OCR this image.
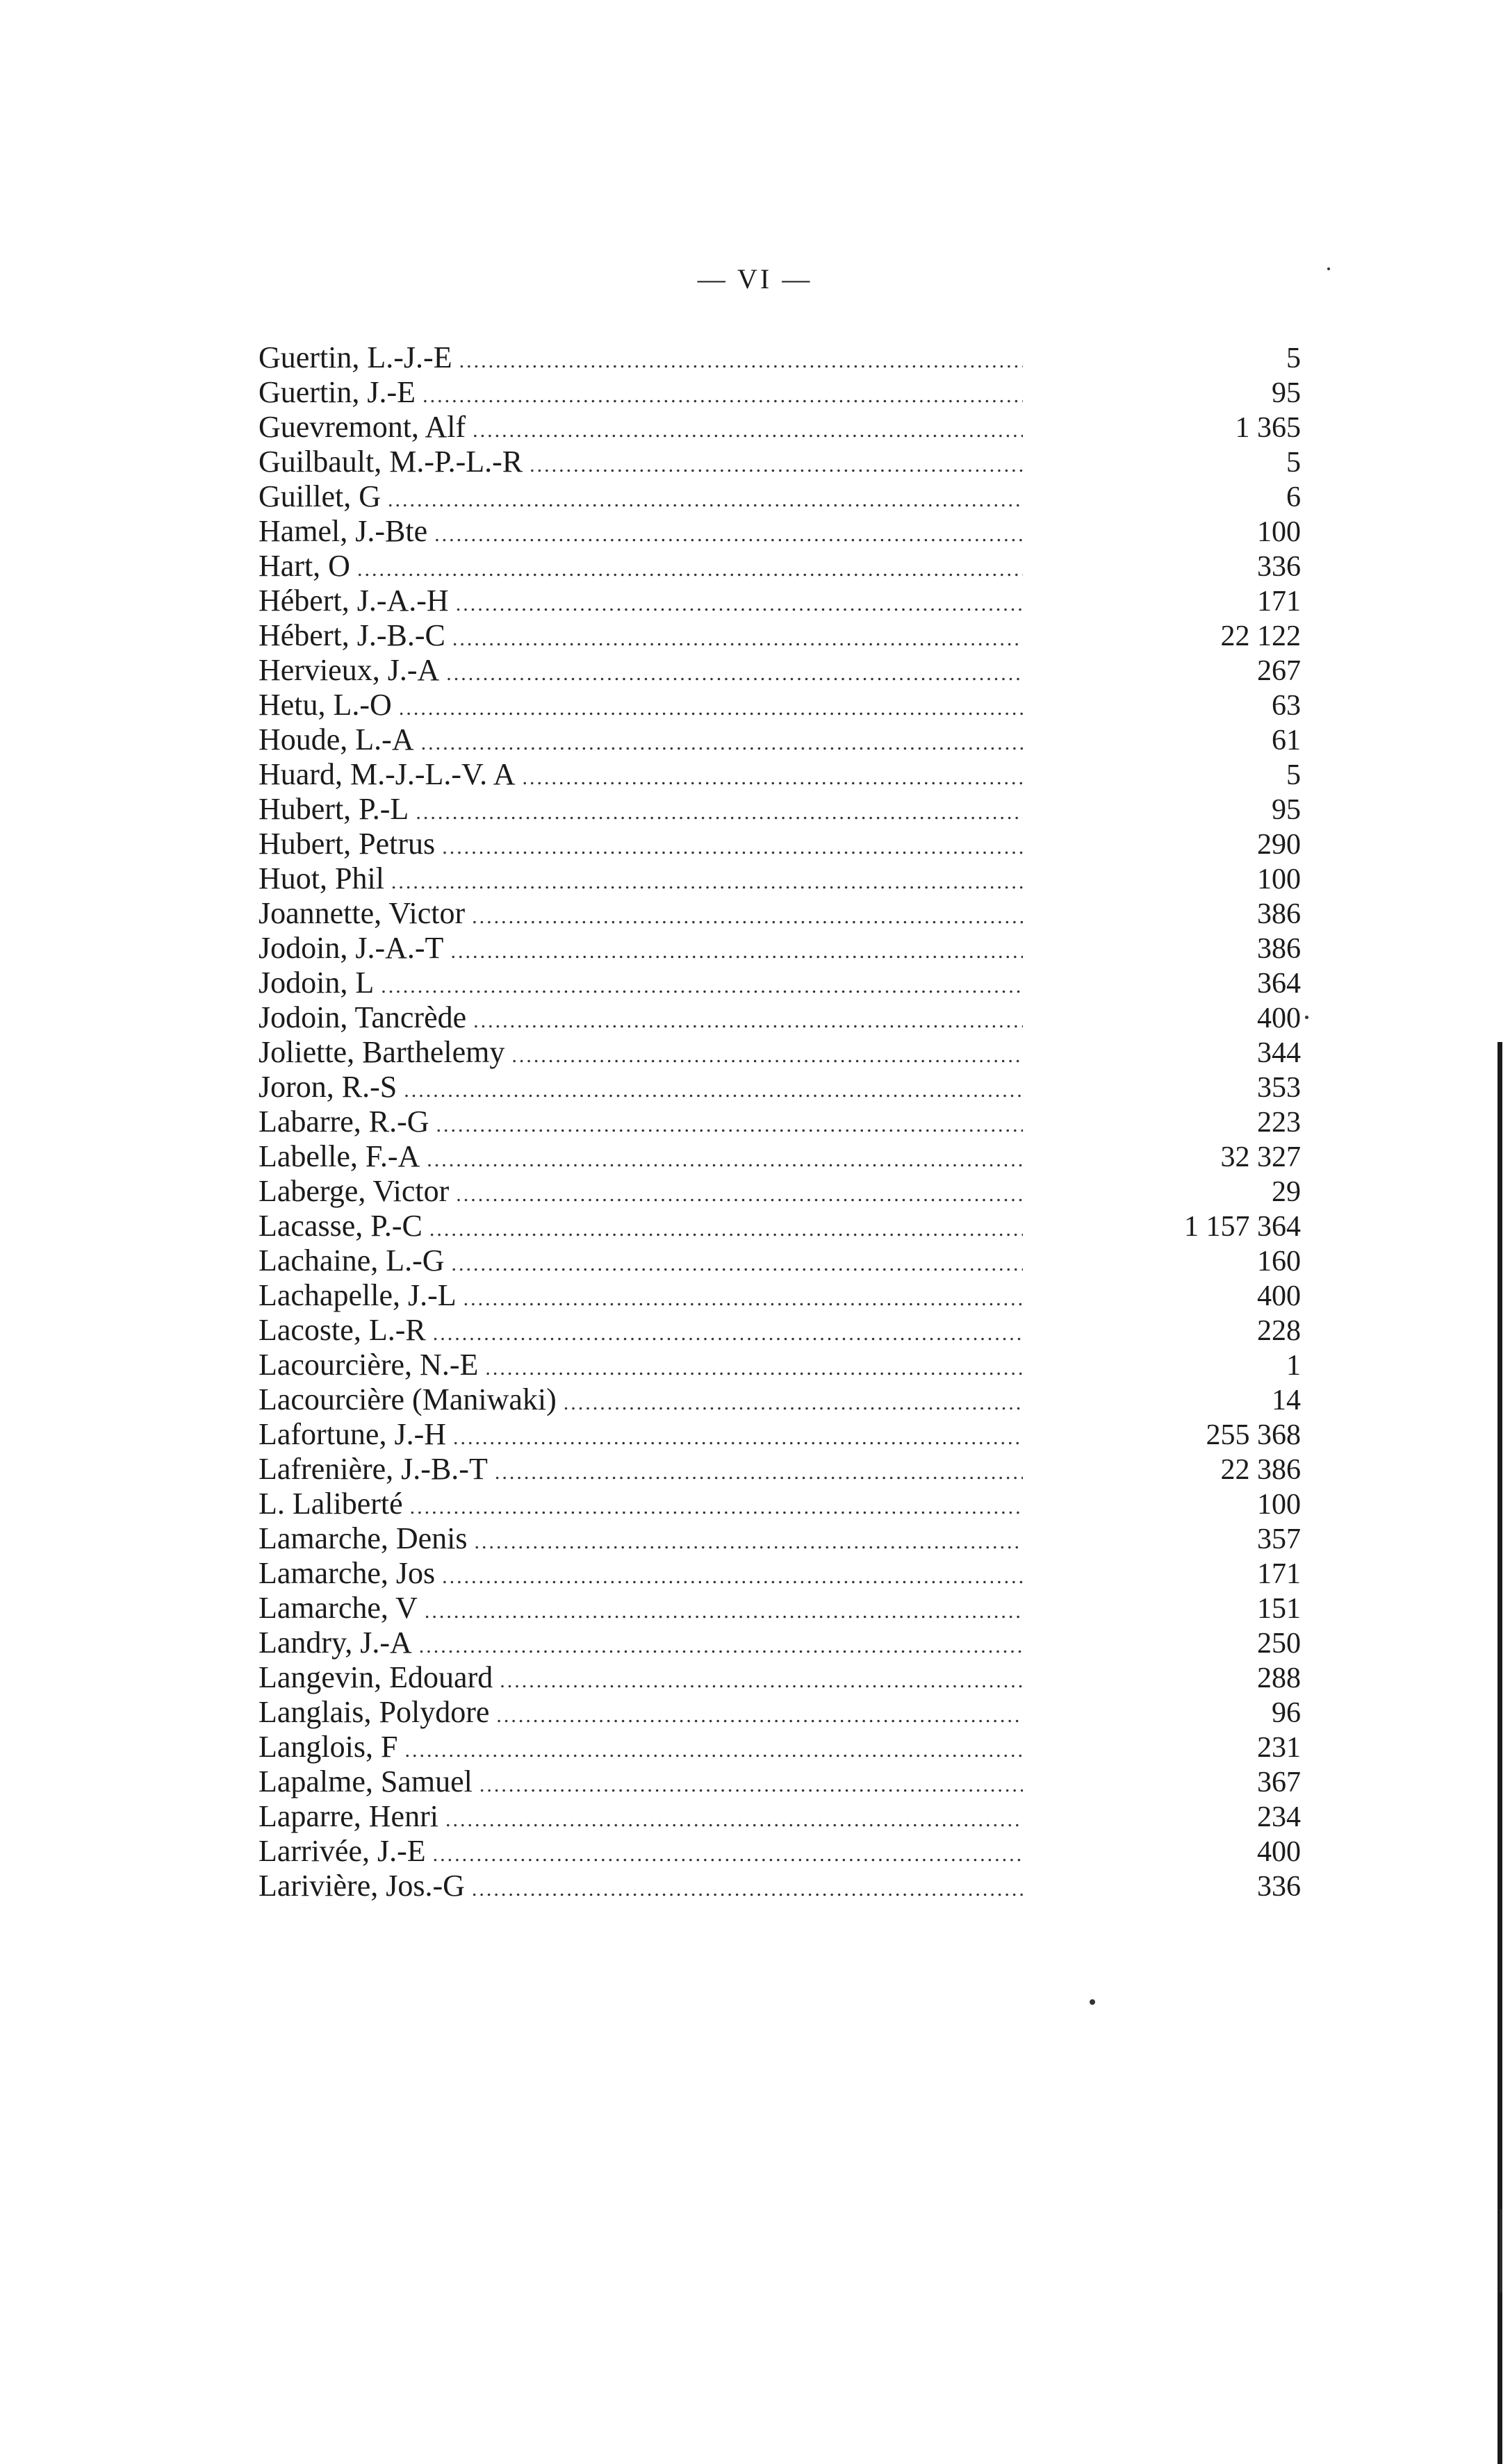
— VI —
Guertin, L.-J.-E .....	5
Guertin, J.-E .....	95
Guevremont, Alf .....	1 365
Guilbault, M.-P.-L.-R .....	5
Guillet, G .....	6
Hamel, J.-Bte .....	100
Hart, O .....	336
Hébert, J.-A.-H .....	171
Hébert, J.-B.-C .....	22 122
Hervieux, J.-A .....	267
Hetu, L.-O .....	63
Houde, L.-A .....	61
Huard, M.-J.-L.-V. A .....	5
Hubert, P.-L .....	95
Hubert, Petrus .....	290
Huot, Phil .....	100
Joannette, Victor .....	386
Jodoin, J.-A.-T .....	386
Jodoin, L .....	364
Jodoin, Tancrède .....	400
Joliette, Barthelemy .....	344
Joron, R.-S .....	353
Labarre, R.-G .....	223
Labelle, F.-A .....	32 327
Laberge, Victor .....	29
Lacasse, P.-C .....	1 157 364
Lachaine, L.-G .....	160
Lachapelle, J.-L .....	400
Lacoste, L.-R .....	228
Lacourcière, N.-E .....	1
Lacourcière (Maniwaki) .....	14
Lafortune, J.-H .....	255 368
Lafrenière, J.-B.-T .....	22 386
L. Laliberté .....	100
Lamarche, Denis .....	357
Lamarche, Jos .....	171
Lamarche, V .....	151
Landry, J.-A .....	250
Langevin, Edouard .....	288
Langlais, Polydore .....	96
Langlois, F .....	231
Lapalme, Samuel .....	367
Laparre, Henri .....	234
Larrivée, J.-E .....	400
Larivière, Jos.-G .....	336
